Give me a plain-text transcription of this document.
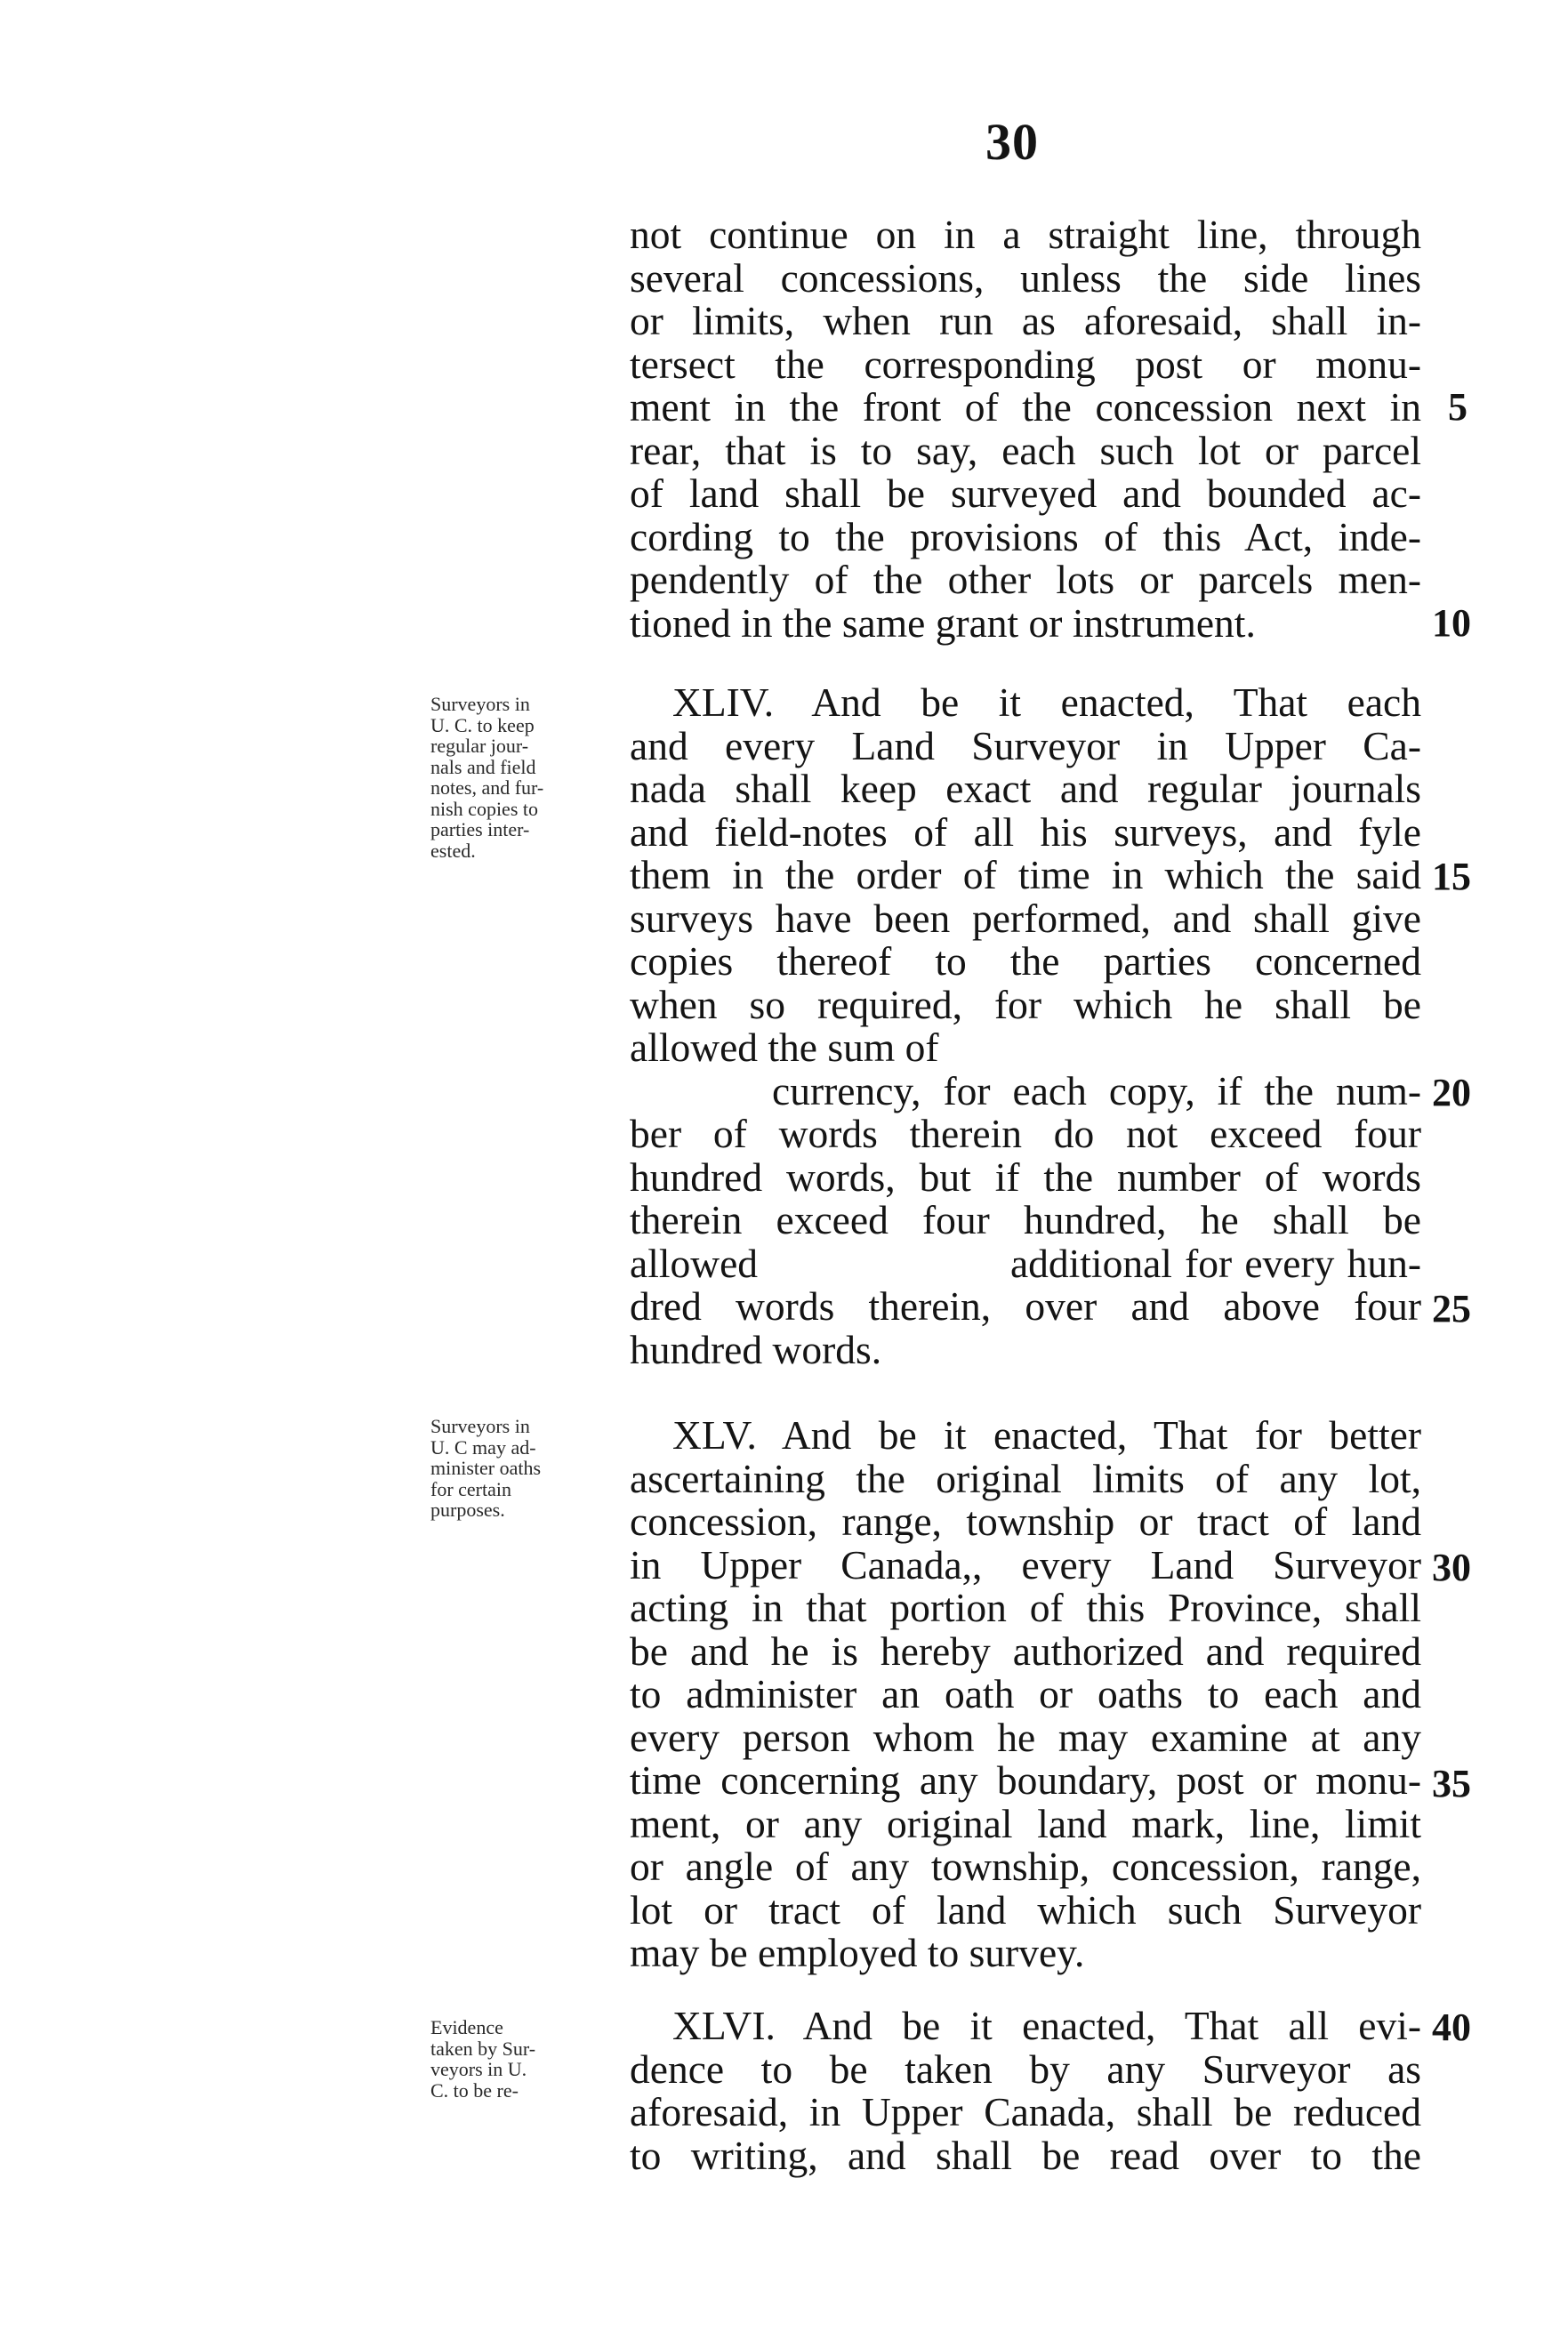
30
not continue on in a straight line, through
several concessions, unless the side lines
or limits, when run as aforesaid, shall in-
tersect the corresponding post or monu-
ment in the front of the concession next in
rear, that is to say, each such lot or parcel
of land shall be surveyed and bounded ac-
cording to the provisions of this Act, inde-
pendently of the other lots or parcels men-
tioned in the same grant or instrument.
Surveyors in
U. C. to keep
regular jour-
nals and field
notes, and fur-
nish copies to
parties inter-
ested.
XLIV. And be it enacted, That each
and every Land Surveyor in Upper Ca-
nada shall keep exact and regular journals
and field-notes of all his surveys, and fyle
them in the order of time in which the said
surveys have been performed, and shall give
copies thereof to the parties concerned
when so required, for which he shall be
allowed the sum of
currency, for each copy, if the num-
ber of words therein do not exceed four
hundred words, but if the number of words
therein exceed four hundred, he shall be
allowed                    additional for every hun-
dred words therein, over and above four
hundred words.
Surveyors in
U. C may ad-
minister oaths
for certain
purposes.
XLV. And be it enacted, That for better
ascertaining the original limits of any lot,
concession, range, township or tract of land
in Upper Canada,, every Land Surveyor
acting in that portion of this Province, shall
be and he is hereby authorized and required
to administer an oath or oaths to each and
every person whom he may examine at any
time concerning any boundary, post or monu-
ment, or any original land mark, line, limit
or angle of any township, concession, range,
lot or tract of land which such Surveyor
may be employed to survey.
Evidence
taken by Sur-
veyors in U.
C. to be re-
XLVI. And be it enacted, That all evi-
dence to be taken by any Surveyor as
aforesaid, in Upper Canada, shall be reduced
to writing, and shall be read over to the
5
10
15
20
25
30
35
40
